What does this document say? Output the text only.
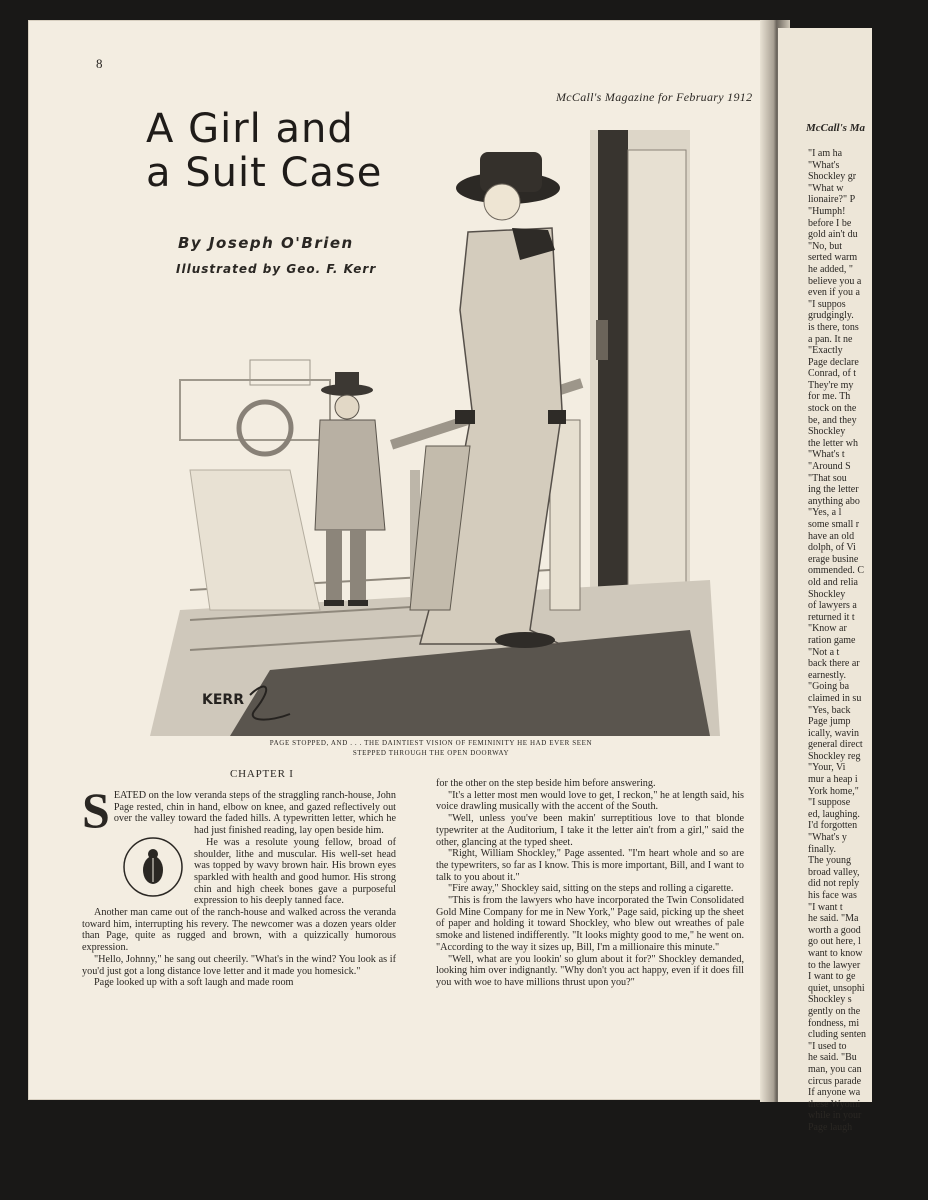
McCall's Ma
"I am ha
"What's
Shockley gr
"What w
lionaire?" P
"Humph!
before I be
gold ain't du
"No, but
serted warm
he added, "
believe you a
even if you a
"I suppos
grudgingly.
is there, tons
a pan. It ne
"Exactly
Page declare
Conrad, of t
They're my
for me. Th
stock on the
be, and they
Shockley
the letter wh
"What's t
"Around S
"That sou
ing the letter
anything abo
"Yes, a l
some small r
have an old
dolph, of Vi
erage busine
ommended. C
old and relia
Shockley
of lawyers a
returned it t
"Know ar
ration game
"Not a t
back there ar
earnestly.
"Going ba
claimed in su
"Yes, back
Page jump
ically, wavin
general direct
Shockley reg
"Your, Vi
mur a heap i
York home,"
"I suppose
ed, laughing.
I'd forgotten
"What's y
finally.
The young
broad valley,
did not reply
his face was
"I want t
he said. "Ma
worth a good
go out here, l
want to know
to the lawyer
I want to ge
quiet, unsophi
Shockley s
gently on the
fondness, mi
cluding senten
"I used to
he said. "Bu
man, you can
circus parade
If anyone wa
these Wyomi
while in your
Page laugh
8
McCall's Magazine for February 1912
KERR
A Girl and
a Suit Case
By Joseph O'Brien
Illustrated by Geo. F. Kerr
PAGE STOPPED, AND . . . THE DAINTIEST VISION OF FEMININITY HE HAD EVER SEEN
STEPPED THROUGH THE OPEN DOORWAY
CHAPTER I
S EATED on the low veranda steps of the straggling ranch-house, John Page rested, chin in hand, elbow on knee, and gazed reflectively out over the valley toward the faded hills. A typewritten letter, which he had just finished reading, lay open beside him.

He was a resolute young fellow, broad of shoulder, lithe and muscular. His well-set head was topped by wavy brown hair. His brown eyes sparkled with health and good humor. His strong chin and high cheek bones gave a purposeful expression to his deeply tanned face.

Another man came out of the ranch-house and walked across the veranda toward him, interrupting his revery. The newcomer was a dozen years older than Page, quite as rugged and brown, with a quizzically humorous expression.

"Hello, Johnny," he sang out cheerily. "What's in the wind? You look as if you'd just got a long distance love letter and it made you homesick."

Page looked up with a soft laugh and made room

for the other on the step beside him before answering.

"It's a letter most men would love to get, I reckon," he at length said, his voice drawling musically with the accent of the South.

"Well, unless you've been makin' surreptitious love to that blonde typewriter at the Auditorium, I take it the letter ain't from a girl," said the other, glancing at the typed sheet.

"Right, William Shockley," Page assented. "I'm heart whole and so are the typewriters, so far as I know. This is more important, Bill, and I want to talk to you about it."

"Fire away," Shockley said, sitting on the steps and rolling a cigarette.

"This is from the lawyers who have incorporated the Twin Consolidated Gold Mine Company for me in New York," Page said, picking up the sheet of paper and holding it toward Shockley, who blew out wreathes of pale smoke and listened indifferently. "It looks mighty good to me," he went on. "According to the way it sizes up, Bill, I'm a millionaire this minute."

"Well, what are you lookin' so glum about it for?" Shockley demanded, looking him over indignantly. "Why don't you act happy, even if it does fill you with woe to have millions thrust upon you?"
